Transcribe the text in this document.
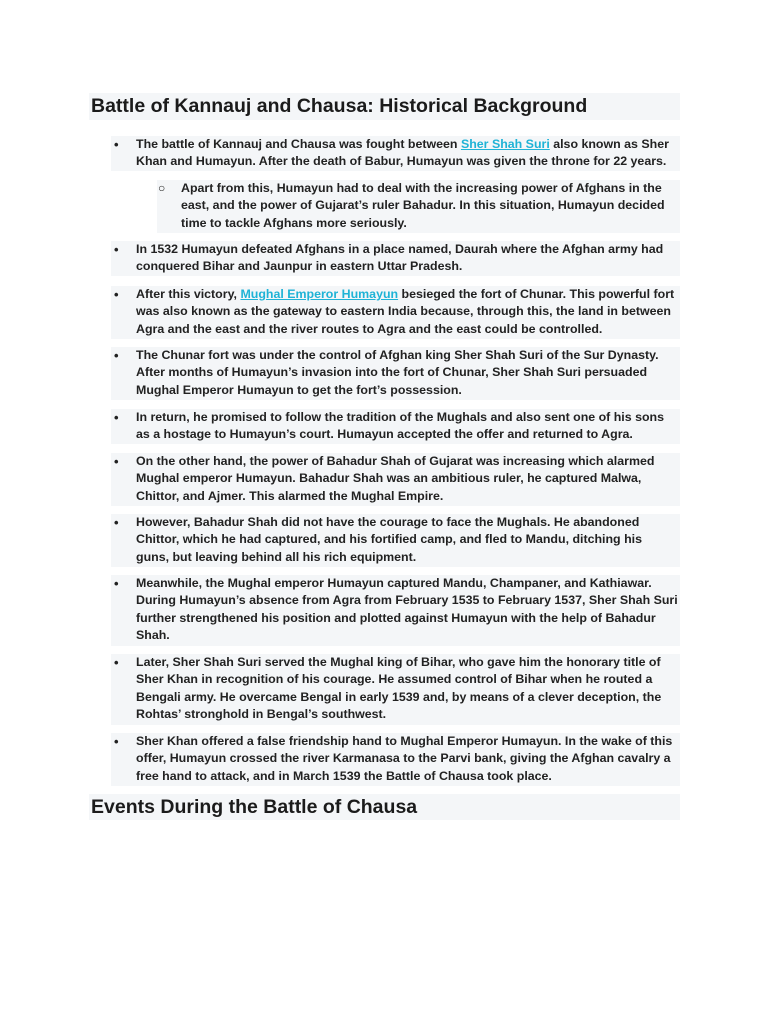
Battle of Kannauj and Chausa: Historical Background
• The battle of Kannauj and Chausa was fought between Sher Shah Suri also known as Sher Khan and Humayun. After the death of Babur, Humayun was given the throne for 22 years.
○ Apart from this, Humayun had to deal with the increasing power of Afghans in the east, and the power of Gujarat’s ruler Bahadur. In this situation, Humayun decided time to tackle Afghans more seriously.
• In 1532 Humayun defeated Afghans in a place named, Daurah where the Afghan army had conquered Bihar and Jaunpur in eastern Uttar Pradesh.
• After this victory, Mughal Emperor Humayun besieged the fort of Chunar. This powerful fort was also known as the gateway to eastern India because, through this, the land in between Agra and the east and the river routes to Agra and the east could be controlled.
• The Chunar fort was under the control of Afghan king Sher Shah Suri of the Sur Dynasty. After months of Humayun’s invasion into the fort of Chunar, Sher Shah Suri persuaded Mughal Emperor Humayun to get the fort’s possession.
• In return, he promised to follow the tradition of the Mughals and also sent one of his sons as a hostage to Humayun’s court. Humayun accepted the offer and returned to Agra.
• On the other hand, the power of Bahadur Shah of Gujarat was increasing which alarmed Mughal emperor Humayun. Bahadur Shah was an ambitious ruler, he captured Malwa, Chittor, and Ajmer. This alarmed the Mughal Empire.
• However, Bahadur Shah did not have the courage to face the Mughals. He abandoned Chittor, which he had captured, and his fortified camp, and fled to Mandu, ditching his guns, but leaving behind all his rich equipment.
• Meanwhile, the Mughal emperor Humayun captured Mandu, Champaner, and Kathiawar. During Humayun’s absence from Agra from February 1535 to February 1537, Sher Shah Suri further strengthened his position and plotted against Humayun with the help of Bahadur Shah.
• Later, Sher Shah Suri served the Mughal king of Bihar, who gave him the honorary title of Sher Khan in recognition of his courage. He assumed control of Bihar when he routed a Bengali army. He overcame Bengal in early 1539 and, by means of a clever deception, the Rohtas’ stronghold in Bengal’s southwest.
• Sher Khan offered a false friendship hand to Mughal Emperor Humayun. In the wake of this offer, Humayun crossed the river Karmanasa to the Parvi bank, giving the Afghan cavalry a free hand to attack, and in March 1539 the Battle of Chausa took place.
Events During the Battle of Chausa
